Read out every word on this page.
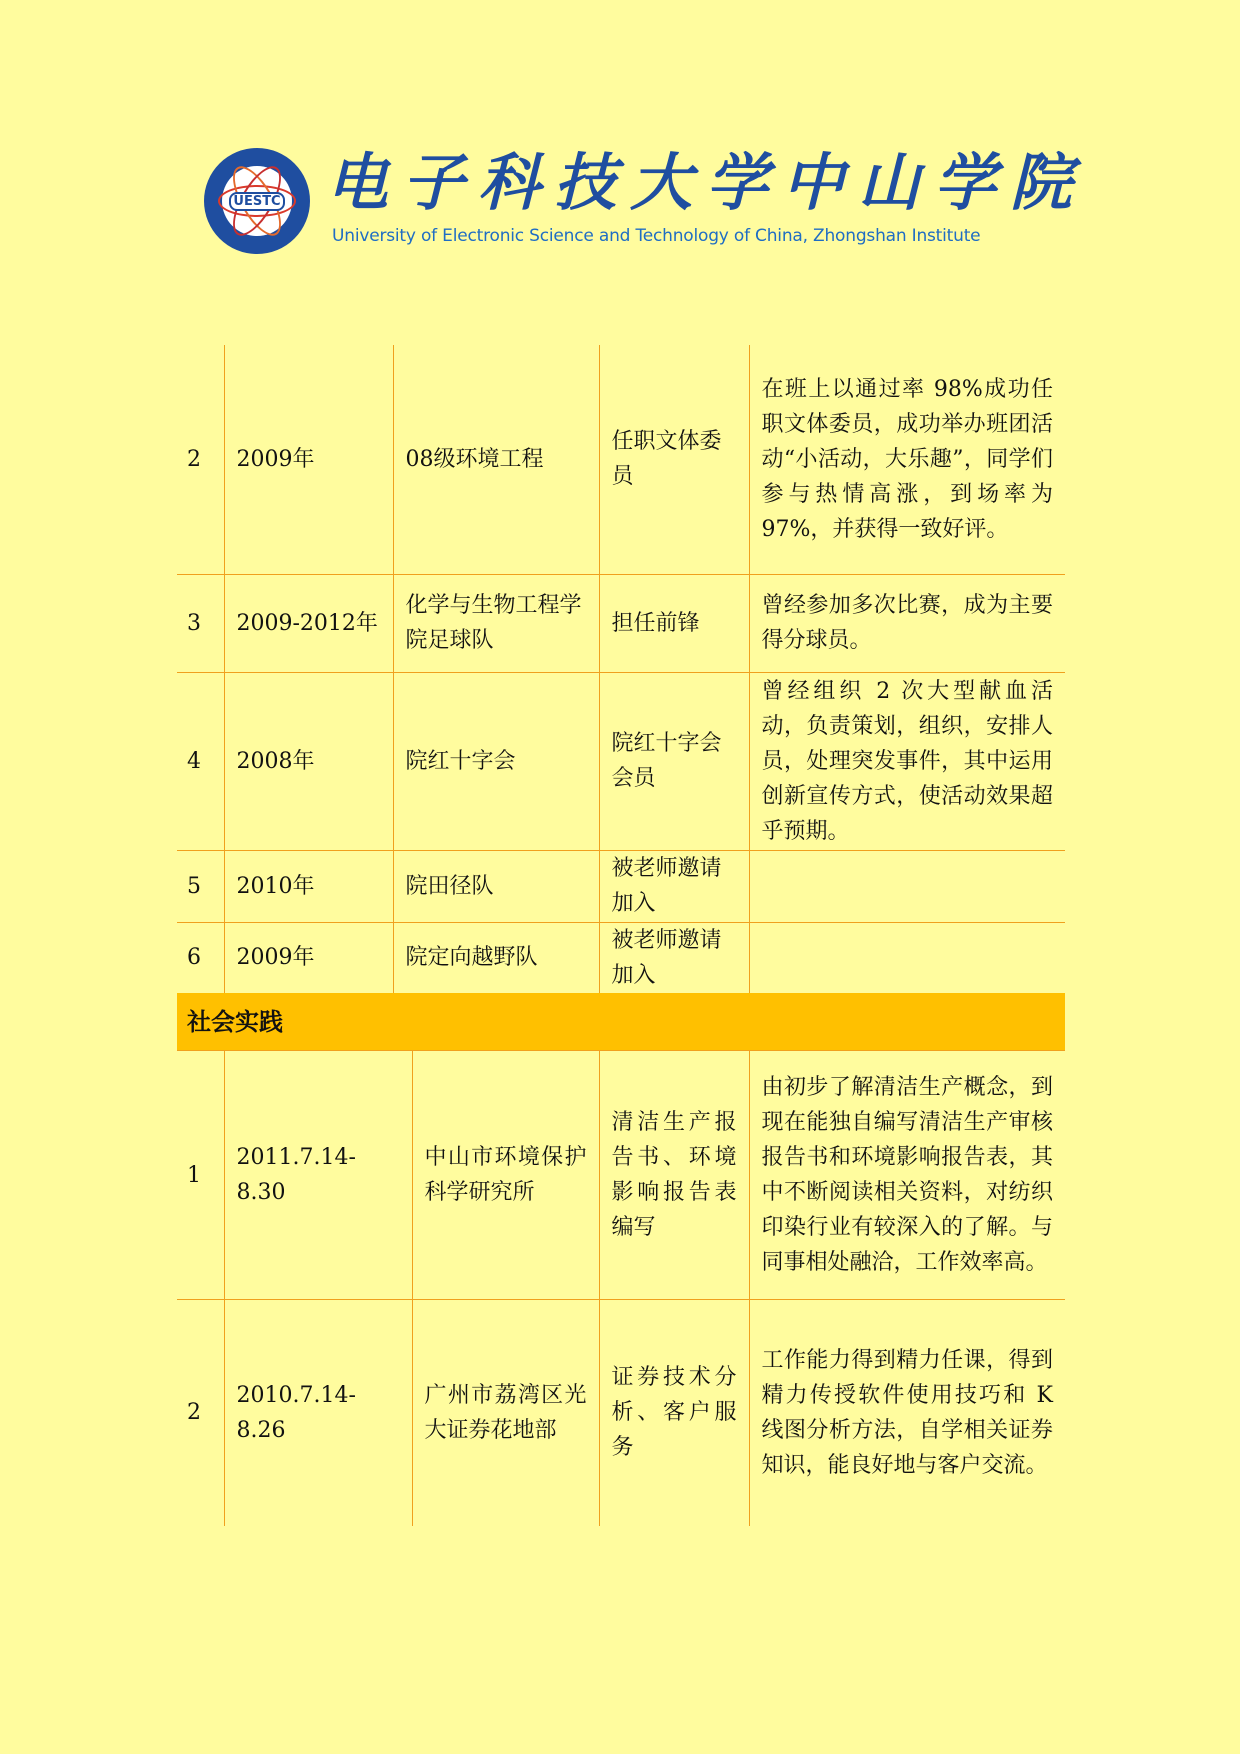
UESTC 电子科技大学中山学院
University of Electronic Science and Technology of China, Zhongshan Institute
2	2009年	08级环境工程	任职文体委员	在班上以通过率 98%成功任职文体委员，成功举办班团活动“小活动，大乐趣”，同学们参与热情高涨，到场率为 97%，并获得一致好评。
3	2009-2012年	化学与生物工程学院足球队	担任前锋	曾经参加多次比赛，成为主要得分球员。
4	2008年	院红十字会	院红十字会会员	曾经组织 2 次大型献血活动，负责策划，组织，安排人员，处理突发事件，其中运用创新宣传方式，使活动效果超乎预期。
5	2010年	院田径队	被老师邀请加入	
6	2009年	院定向越野队	被老师邀请加入	
社会实践
1	2011.7.14-8.30	中山市环境保护科学研究所	清洁生产报告书、环境影响报告表编写	由初步了解清洁生产概念，到现在能独自编写清洁生产审核报告书和环境影响报告表，其中不断阅读相关资料，对纺织印染行业有较深入的了解。与同事相处融洽，工作效率高。
2	2010.7.14-8.26	广州市荔湾区光大证券花地部	证券技术分析、客户服务	工作能力得到精力任课，得到精力传授软件使用技巧和 K 线图分析方法，自学相关证券知识，能良好地与客户交流。
